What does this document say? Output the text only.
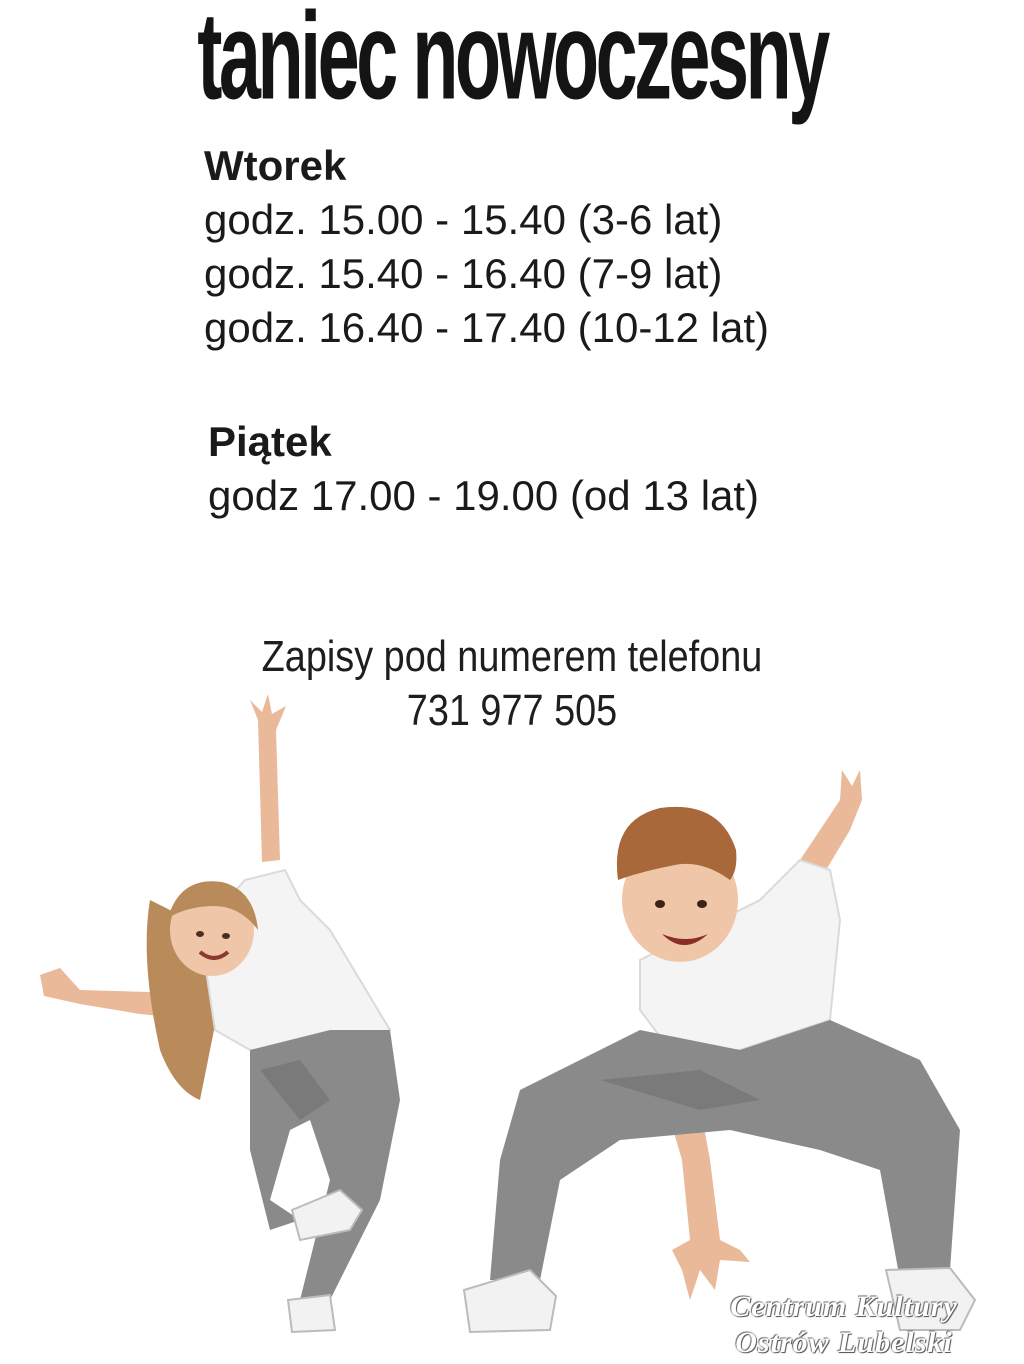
taniec nowoczesny
Wtorek
godz. 15.00 - 15.40 (3-6 lat)
godz. 15.40 - 16.40 (7-9 lat)
godz. 16.40 - 17.40 (10-12 lat)
Piątek
godz 17.00 - 19.00 (od 13 lat)
Zapisy pod numerem telefonu
731 977 505
Centrum Kultury
Ostrów Lubelski
